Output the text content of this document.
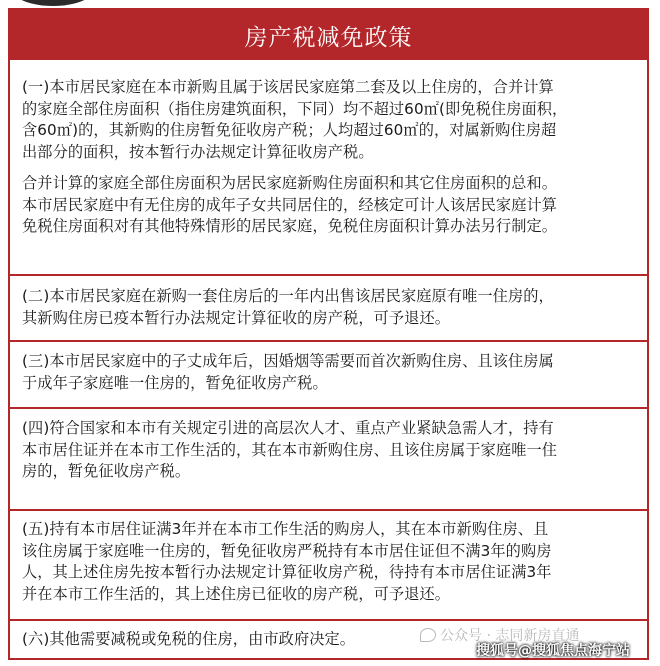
房产税减免政策

(一)本市居民家庭在本市新购且属于该居民家庭第二套及以上住房的，合并计算
的家庭全部住房面积（指住房建筑面积，下同）均不超过60㎡(即免税住房面积，
含60㎡)的，其新购的住房暂免征收房产税；人均超过60㎡的，对属新购住房超
出部分的面积，按本暂行办法规定计算征收房产税。

合并计算的家庭全部住房面积为居民家庭新购住房面积和其它住房面积的总和。
本市居民家庭中有无住房的成年子女共同居住的，经核定可计人该居民家庭计算
免税住房面积对有其他特殊情形的居民家庭，免税住房面积计算办法另行制定。

(二)本市居民家庭在新购一套住房后的一年内出售该居民家庭原有唯一住房的，
其新购住房已疫本暂行办法规定计算征收的房产税，可予退还。

(三)本市居民家庭中的子丈成年后，因婚烟等需要而首次新购住房、且该住房属
于成年子家庭唯一住房的，暂免征收房产税。

(四)符合国家和本市有关规定引进的高层次人才、重点产业紧缺急需人才，持有
本市居住证并在本市工作生活的，其在本市新购住房、且该住房属于家庭唯一住
房的，暂免征收房产税。

(五)持有本市居住证满3年并在本市工作生活的购房人，其在本市新购住房、且
该住房属于家庭唯一住房的，暂免征收房严税持有本市居住证但不满3年的购房
人，其上述住房先按本暂行办法规定计算征收房产税，待持有本市居住证满3年
并在本市工作生活的，其上述住房已征收的房产税，可予退还。

(六)其他需要减税或免税的住房，由市政府决定。	公众号 · 志同新房直通
搜狐号@搜狐焦点海宁站
